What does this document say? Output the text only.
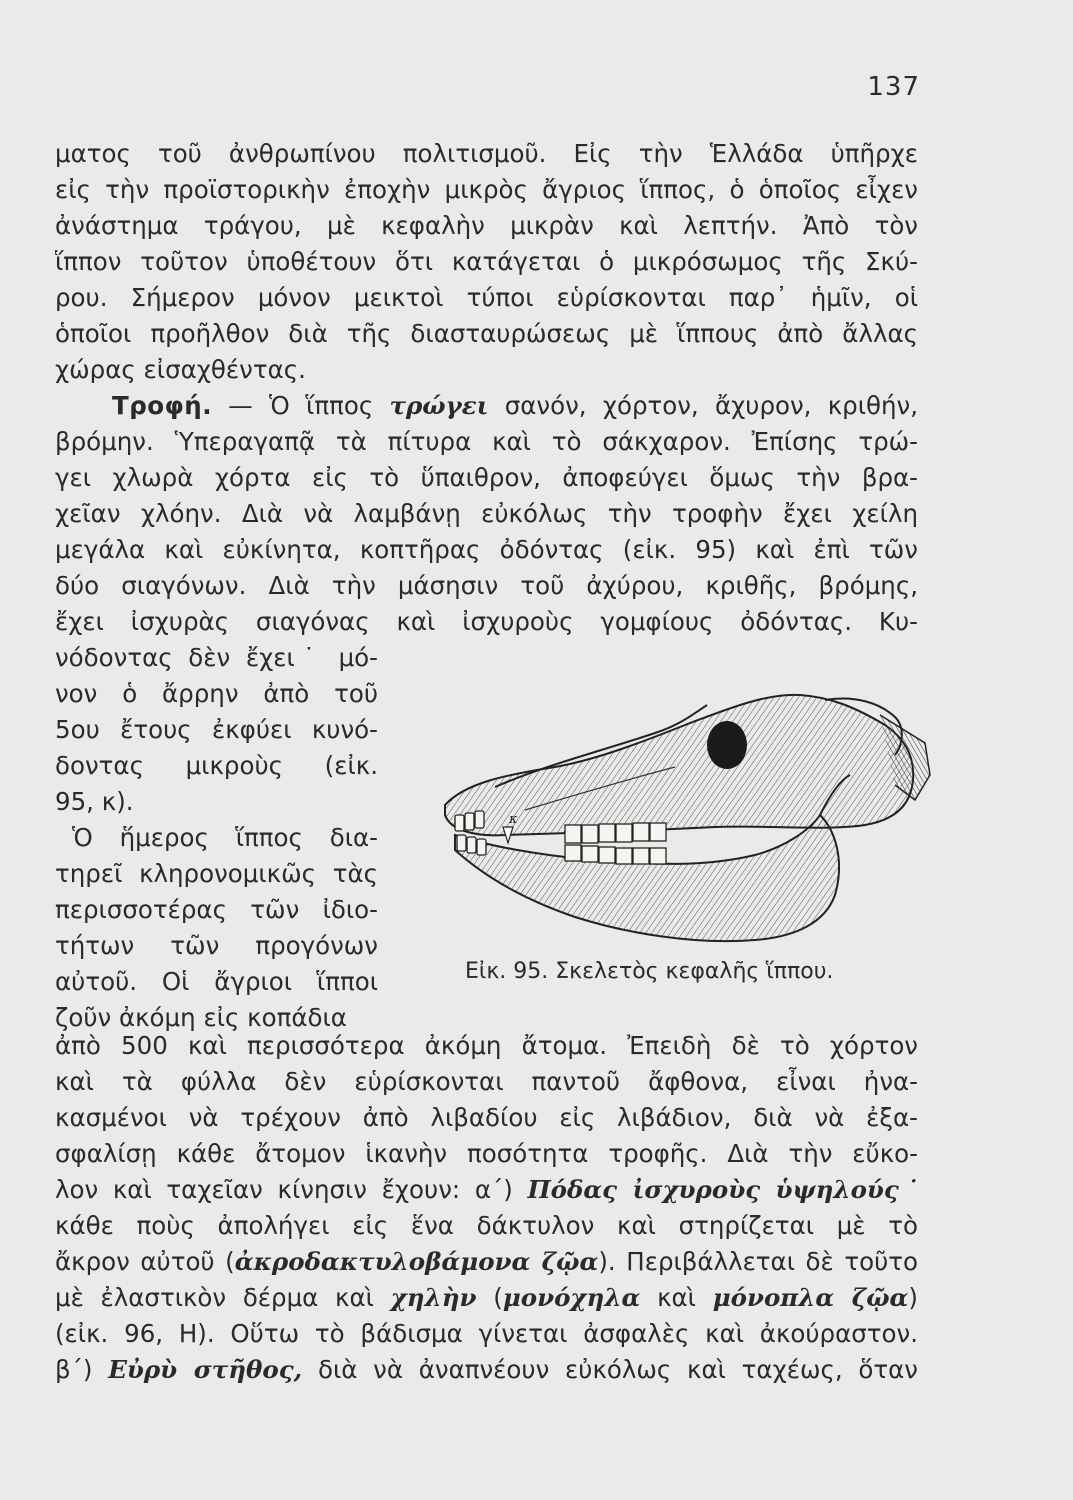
137
ματος τοῦ ἀνθρωπίνου πολιτισμοῦ. Εἰς τὴν Ἑλλάδα ὑπῆρχε
εἰς τὴν προϊστορικὴν ἐποχὴν μικρὸς ἄγριος ἵππος, ὁ ὁποῖος εἶχεν
ἀνάστημα τράγου, μὲ κεφαλὴν μικρὰν καὶ λεπτήν. Ἀπὸ τὸν
ἵππον τοῦτον ὑποθέτουν ὅτι κατάγεται ὁ μικρόσωμος τῆς Σκύ-
ρου. Σήμερον μόνον μεικτοὶ τύποι εὑρίσκονται παρ᾽ ἡμῖν, οἱ
ὁποῖοι προῆλθον διὰ τῆς διασταυρώσεως μὲ ἵππους ἀπὸ ἄλλας
χώρας εἰσαχθέντας.
Τροφή. — Ὁ ἵππος τρώγει σανόν, χόρτον, ἄχυρον, κριθήν,
βρόμην. Ὑπεραγαπᾷ τὰ πίτυρα καὶ τὸ σάκχαρον. Ἐπίσης τρώ-
γει χλωρὰ χόρτα εἰς τὸ ὕπαιθρον, ἀποφεύγει ὅμως τὴν βρα-
χεῖαν χλόην. Διὰ νὰ λαμβάνῃ εὐκόλως τὴν τροφὴν ἔχει χείλη
μεγάλα καὶ εὐκίνητα, κοπτῆρας ὀδόντας (εἰκ. 95) καὶ ἐπὶ τῶν
δύο σιαγόνων. Διὰ τὴν μάσησιν τοῦ ἀχύρου, κριθῆς, βρόμης,
ἔχει ἰσχυρὰς σιαγόνας καὶ ἰσχυροὺς γομφίους ὀδόντας. Κυ-
νόδοντας δὲν ἔχει˙ μό-
νον ὁ ἄρρην ἀπὸ τοῦ
5ου ἔτους ἐκφύει κυνό-
δοντας μικροὺς (εἰκ.
95, κ).
Ὁ ἥμερος ἵππος δια-
τηρεῖ κληρονομικῶς τὰς
περισσοτέρας τῶν ἰδιο-
τήτων τῶν προγόνων
αὐτοῦ. Οἱ ἄγριοι ἵπποι
ζοῦν ἀκόμη εἰς κοπάδια
κ
Εἰκ. 95. Σκελετὸς κεφαλῆς ἵππου.
ἀπὸ 500 καὶ περισσότερα ἀκόμη ἄτομα. Ἐπειδὴ δὲ τὸ χόρτον
καὶ τὰ φύλλα δὲν εὑρίσκονται παντοῦ ἄφθονα, εἶναι ἠνα-
κασμένοι νὰ τρέχουν ἀπὸ λιβαδίου εἰς λιβάδιον, διὰ νὰ ἐξα-
σφαλίσῃ κάθε ἄτομον ἱκανὴν ποσότητα τροφῆς. Διὰ τὴν εὔκο-
λον καὶ ταχεῖαν κίνησιν ἔχουν: α΄) Πόδας ἰσχυροὺς ὑψηλούς˙
κάθε ποὺς ἀπολήγει εἰς ἕνα δάκτυλον καὶ στηρίζεται μὲ τὸ
ἄκρον αὐτοῦ (ἀκροδακτυλοβάμονα ζῷα). Περιβάλλεται δὲ τοῦτο
μὲ ἐλαστικὸν δέρμα καὶ χηλὴν (μονόχηλα καὶ μόνοπλα ζῷα)
(εἰκ. 96, Η). Οὕτω τὸ βάδισμα γίνεται ἀσφαλὲς καὶ ἀκούραστον.
β΄) Εὐρὺ στῆθος, διὰ νὰ ἀναπνέουν εὐκόλως καὶ ταχέως, ὅταν
